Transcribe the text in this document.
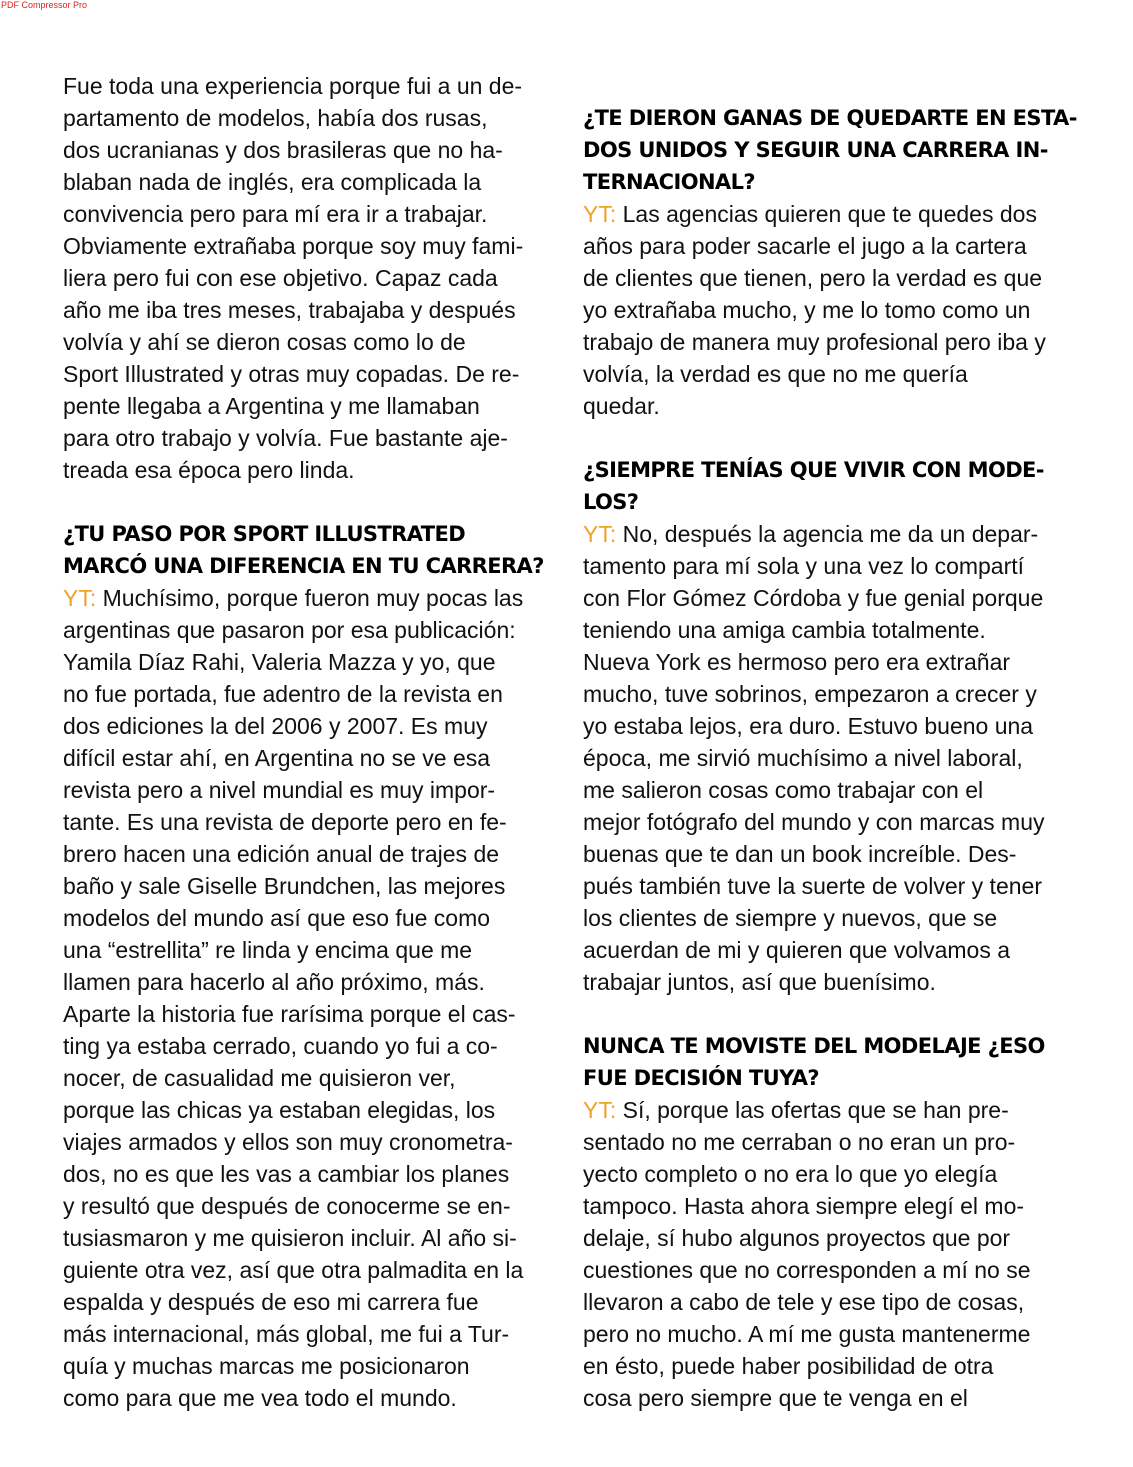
PDF Compressor Pro
Fue toda una experiencia porque fui a un de-
partamento de modelos, había dos rusas,
dos ucranianas y dos brasileras que no ha-
blaban nada de inglés, era complicada la
convivencia pero para mí era ir a trabajar.
Obviamente extrañaba porque soy muy fami-
liera pero fui con ese objetivo. Capaz cada
año me iba tres meses, trabajaba y después
volvía y ahí se dieron cosas como lo de
Sport Illustrated y otras muy copadas. De re-
pente llegaba a Argentina y me llamaban
para otro trabajo y volvía. Fue bastante aje-
treada esa época pero linda.
¿TU PASO POR SPORT ILLUSTRATED
MARCÓ UNA DIFERENCIA EN TU CARRERA?
YT: Muchísimo, porque fueron muy pocas las
argentinas que pasaron por esa publicación:
Yamila Díaz Rahi, Valeria Mazza y yo, que
no fue portada, fue adentro de la revista en
dos ediciones la del 2006 y 2007. Es muy
difícil estar ahí, en Argentina no se ve esa
revista pero a nivel mundial es muy impor-
tante. Es una revista de deporte pero en fe-
brero hacen una edición anual de trajes de
baño y sale Giselle Brundchen, las mejores
modelos del mundo así que eso fue como
una “estrellita” re linda y encima que me
llamen para hacerlo al año próximo, más.
Aparte la historia fue rarísima porque el cas-
ting ya estaba cerrado, cuando yo fui a co-
nocer, de casualidad me quisieron ver,
porque las chicas ya estaban elegidas, los
viajes armados y ellos son muy cronometra-
dos, no es que les vas a cambiar los planes
y resultó que después de conocerme se en-
tusiasmaron y me quisieron incluir. Al año si-
guiente otra vez, así que otra palmadita en la
espalda y después de eso mi carrera fue
más internacional, más global, me fui a Tur-
quía y muchas marcas me posicionaron
como para que me vea todo el mundo.
¿TE DIERON GANAS DE QUEDARTE EN ESTA-
DOS UNIDOS Y SEGUIR UNA CARRERA IN-
TERNACIONAL?
YT: Las agencias quieren que te quedes dos
años para poder sacarle el jugo a la cartera
de clientes que tienen, pero la verdad es que
yo extrañaba mucho, y me lo tomo como un
trabajo de manera muy profesional pero iba y
volvía, la verdad es que no me quería
quedar.
¿SIEMPRE TENÍAS QUE VIVIR CON MODE-
LOS?
YT: No, después la agencia me da un depar-
tamento para mí sola y una vez lo compartí
con Flor Gómez Córdoba y fue genial porque
teniendo una amiga cambia totalmente.
Nueva York es hermoso pero era extrañar
mucho, tuve sobrinos, empezaron a crecer y
yo estaba lejos, era duro. Estuvo bueno una
época, me sirvió muchísimo a nivel laboral,
me salieron cosas como trabajar con el
mejor fotógrafo del mundo y con marcas muy
buenas que te dan un book increíble. Des-
pués también tuve la suerte de volver y tener
los clientes de siempre y nuevos, que se
acuerdan de mi y quieren que volvamos a
trabajar juntos, así que buenísimo.
NUNCA TE MOVISTE DEL MODELAJE ¿ESO
FUE DECISIÓN TUYA?
YT: Sí, porque las ofertas que se han pre-
sentado no me cerraban o no eran un pro-
yecto completo o no era lo que yo elegía
tampoco. Hasta ahora siempre elegí el mo-
delaje, sí hubo algunos proyectos que por
cuestiones que no corresponden a mí no se
llevaron a cabo de tele y ese tipo de cosas,
pero no mucho. A mí me gusta mantenerme
en ésto, puede haber posibilidad de otra
cosa pero siempre que te venga en el
